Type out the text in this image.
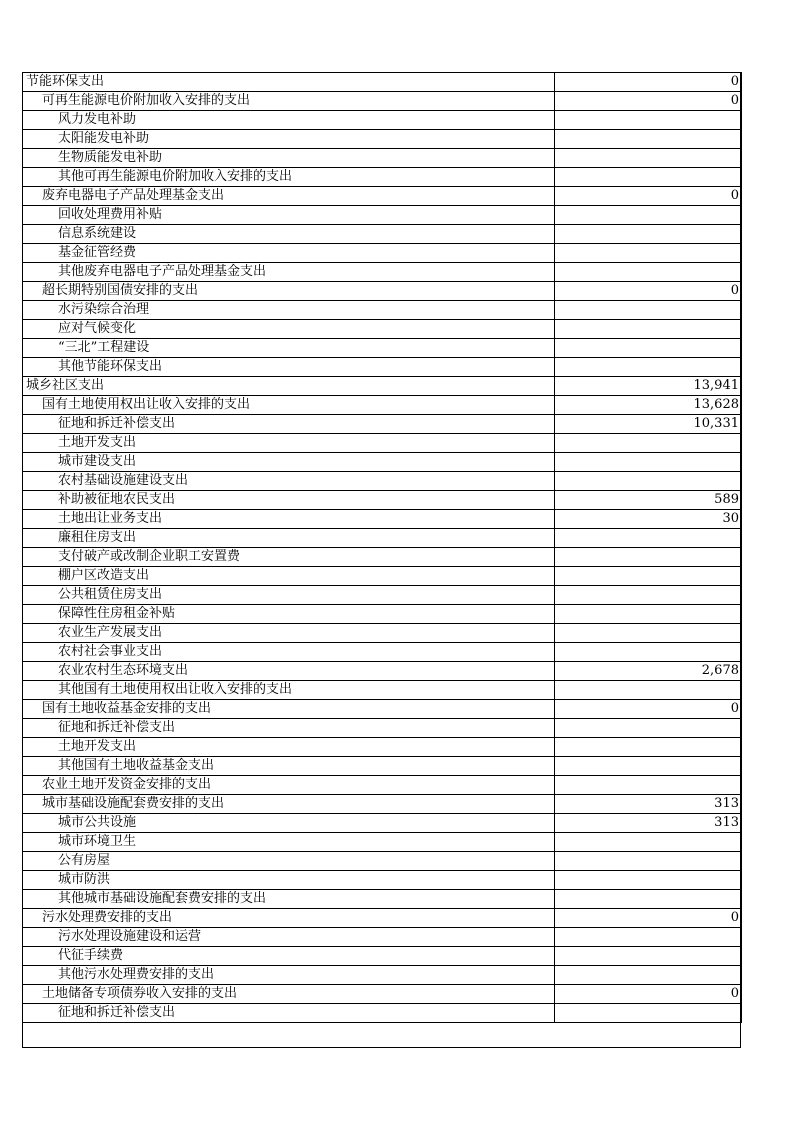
节能环保支出	0
可再生能源电价附加收入安排的支出	0
风力发电补助	
太阳能发电补助	
生物质能发电补助	
其他可再生能源电价附加收入安排的支出	
废弃电器电子产品处理基金支出	0
回收处理费用补贴	
信息系统建设	
基金征管经费	
其他废弃电器电子产品处理基金支出	
超长期特别国债安排的支出	0
水污染综合治理	
应对气候变化	
“三北”工程建设	
其他节能环保支出	
城乡社区支出	13,941
国有土地使用权出让收入安排的支出	13,628
征地和拆迁补偿支出	10,331
土地开发支出	
城市建设支出	
农村基础设施建设支出	
补助被征地农民支出	589
土地出让业务支出	30
廉租住房支出	
支付破产或改制企业职工安置费	
棚户区改造支出	
公共租赁住房支出	
保障性住房租金补贴	
农业生产发展支出	
农村社会事业支出	
农业农村生态环境支出	2,678
其他国有土地使用权出让收入安排的支出	
国有土地收益基金安排的支出	0
征地和拆迁补偿支出	
土地开发支出	
其他国有土地收益基金支出	
农业土地开发资金安排的支出	
城市基础设施配套费安排的支出	313
城市公共设施	313
城市环境卫生	
公有房屋	
城市防洪	
其他城市基础设施配套费安排的支出	
污水处理费安排的支出	0
污水处理设施建设和运营	
代征手续费	
其他污水处理费安排的支出	
土地储备专项债券收入安排的支出	0
征地和拆迁补偿支出	
